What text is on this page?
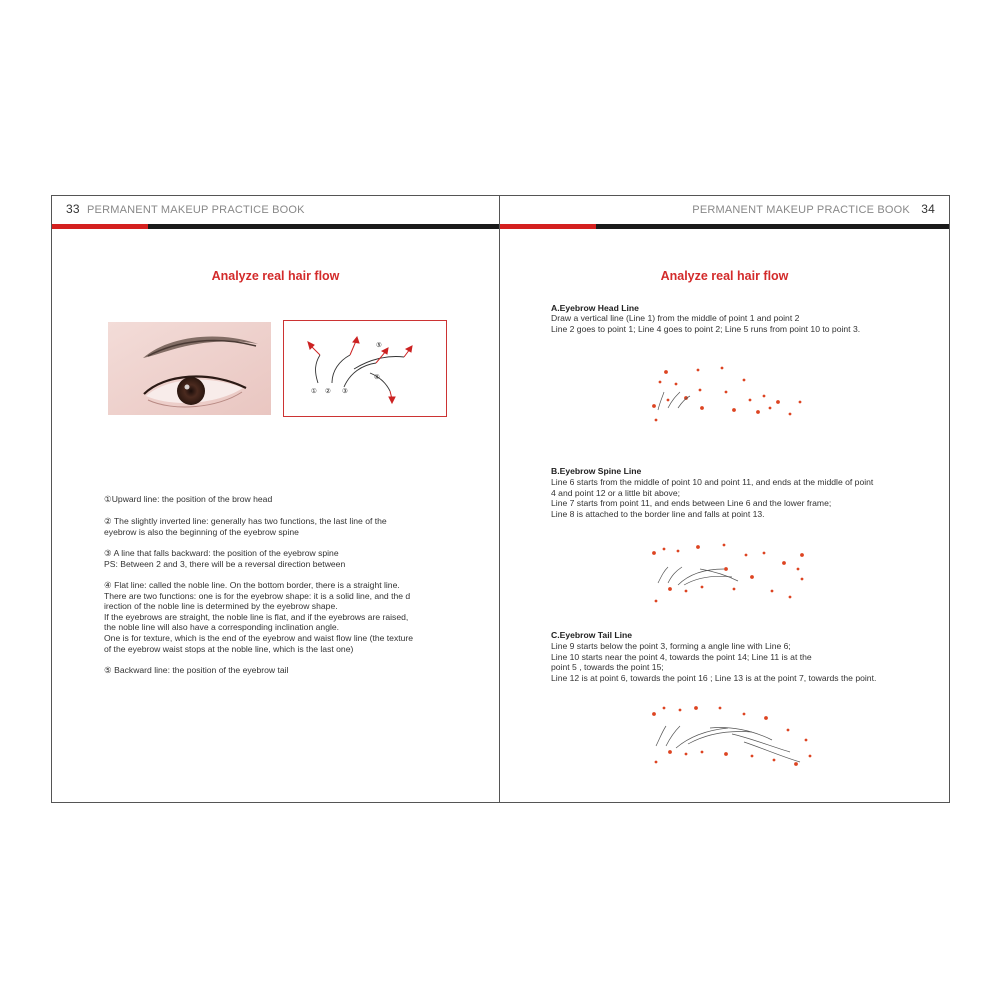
33 PERMANENT MAKEUP PRACTICE BOOK
Analyze real hair flow
① ② ③
④
⑤
①Upward line: the position of the brow head
② The slightly inverted line: generally has two functions, the last line of the
eyebrow is also the beginning of the eyebrow spine
③ A line that falls backward: the position of the eyebrow spine
PS: Between 2 and 3, there will be a reversal direction between
④ Flat line: called the noble line. On the bottom border, there is a straight line.
There are two functions: one is for the eyebrow shape: it is a solid line, and the d
irection of the noble line is determined by the eyebrow shape.
If the eyebrows are straight, the noble line is flat, and if the eyebrows are raised,
the noble line will also have a corresponding inclination angle.
One is for texture, which is the end of the eyebrow and waist flow line (the texture
of the eyebrow waist stops at the noble line, which is the last one)
⑤ Backward line: the position of the eyebrow tail
PERMANENT MAKEUP PRACTICE BOOK 34
Analyze real hair flow
A.Eyebrow Head Line
Draw a vertical line (Line 1) from the middle of point 1 and point 2
Line 2 goes to point 1; Line 4 goes to point 2; Line 5 runs from point 10 to point 3.
B.Eyebrow Spine Line
Line 6 starts from the middle of point 10 and point 11, and ends at the middle of point
4 and point 12 or a little bit above;
Line 7 starts from point 11, and ends between Line 6 and the lower frame;
Line 8 is attached to the border line and falls at point 13.
C.Eyebrow Tail Line
Line 9 starts below the point 3, forming a angle line with Line 6;
Line 10 starts near the point 4, towards the point 14; Line 11 is at the
point 5 , towards the point 15;
Line 12 is at point 6, towards the point 16 ; Line 13 is at the point 7, towards the point.
